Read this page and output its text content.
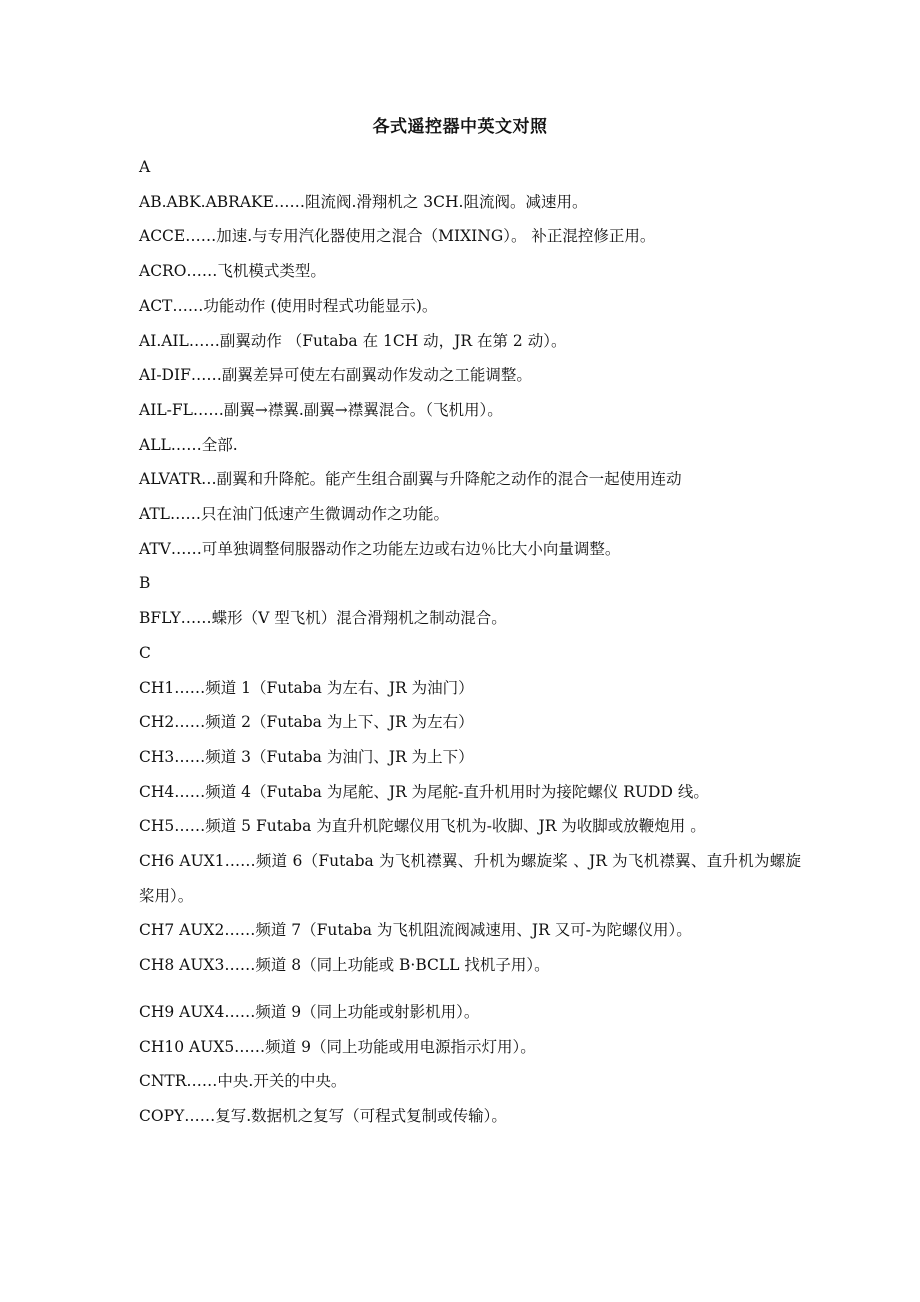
各式遥控器中英文对照
A
AB.ABK.ABRAKE……阻流阀.滑翔机之 3CH.阻流阀。减速用。
ACCE……加速.与专用汽化器使用之混合（MIXING）。 补正混控修正用。
ACRO……飞机模式类型。
ACT……功能动作 (使用时程式功能显示)。
AI.AIL……副翼动作 （Futaba 在 1CH 动，JR 在第 2 动）。
AI-DIF……副翼差异可使左右副翼动作发动之工能调整。
AIL-FL……副翼→襟翼.副翼→襟翼混合。（飞机用）。
ALL……全部.
ALVATR…副翼和升降舵。能产生组合副翼与升降舵之动作的混合一起使用连动
ATL……只在油门低速产生微调动作之功能。
ATV……可单独调整伺服器动作之功能左边或右边％比大小向量调整。
B
BFLY……蝶形（V 型飞机）混合滑翔机之制动混合。
C
CH1……频道 1（Futaba 为左右、JR 为油门）
CH2……频道 2（Futaba 为上下、JR 为左右）
CH3……频道 3（Futaba 为油门、JR 为上下）
CH4……频道 4（Futaba 为尾舵、JR 为尾舵-直升机用时为接陀螺仪 RUDD 线。
CH5……频道 5 Futaba 为直升机陀螺仪用飞机为-收脚、JR 为收脚或放鞭炮用 。
CH6 AUX1……频道 6（Futaba 为飞机襟翼、升机为螺旋桨 、JR 为飞机襟翼、直升机为螺旋桨用）。
CH7 AUX2……频道 7（Futaba 为飞机阻流阀减速用、JR 又可-为陀螺仪用）。
CH8 AUX3……频道 8（同上功能或 B·BCLL 找机子用）。
CH9 AUX4……频道 9（同上功能或射影机用）。
CH10 AUX5……频道 9（同上功能或用电源指示灯用）。
CNTR……中央.开关的中央。
COPY……复写.数据机之复写（可程式复制或传输）。
